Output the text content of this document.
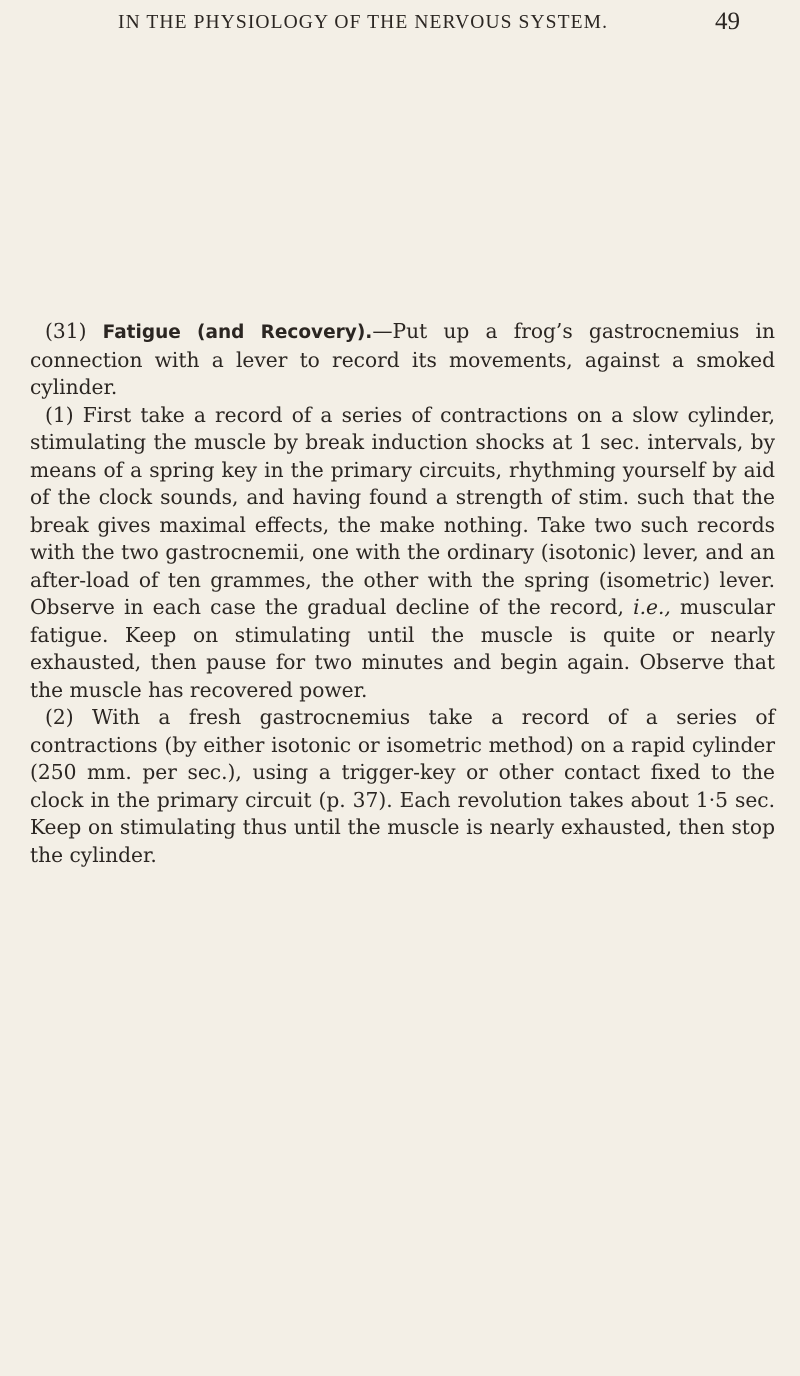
IN THE PHYSIOLOGY OF THE NERVOUS SYSTEM.	49

(31) Fatigue (and Recovery).—Put up a frog’s gastrocnemius in connection with a lever to record its movements, against a smoked cylinder.

(1) First take a record of a series of contractions on a slow cylinder, stimulating the muscle by break induction shocks at 1 sec. intervals, by means of a spring key in the primary circuits, rhythming yourself by aid of the clock sounds, and having found a strength of stim. such that the break gives maximal effects, the make nothing. Take two such records with the two gastrocnemii, one with the ordinary (isotonic) lever, and an after-load of ten grammes, the other with the spring (isometric) lever. Observe in each case the gradual decline of the record, i.e., muscular fatigue. Keep on stimulating until the muscle is quite or nearly exhausted, then pause for two minutes and begin again. Observe that the muscle has recovered power.

(2) With a fresh gastrocnemius take a record of a series of contractions (by either isotonic or isometric method) on a rapid cylinder (250 mm. per sec.), using a trigger-key or other contact fixed to the clock in the primary circuit (p. 37). Each revolution takes about 1·5 sec. Keep on stimulating thus until the muscle is nearly exhausted, then stop the cylinder.
